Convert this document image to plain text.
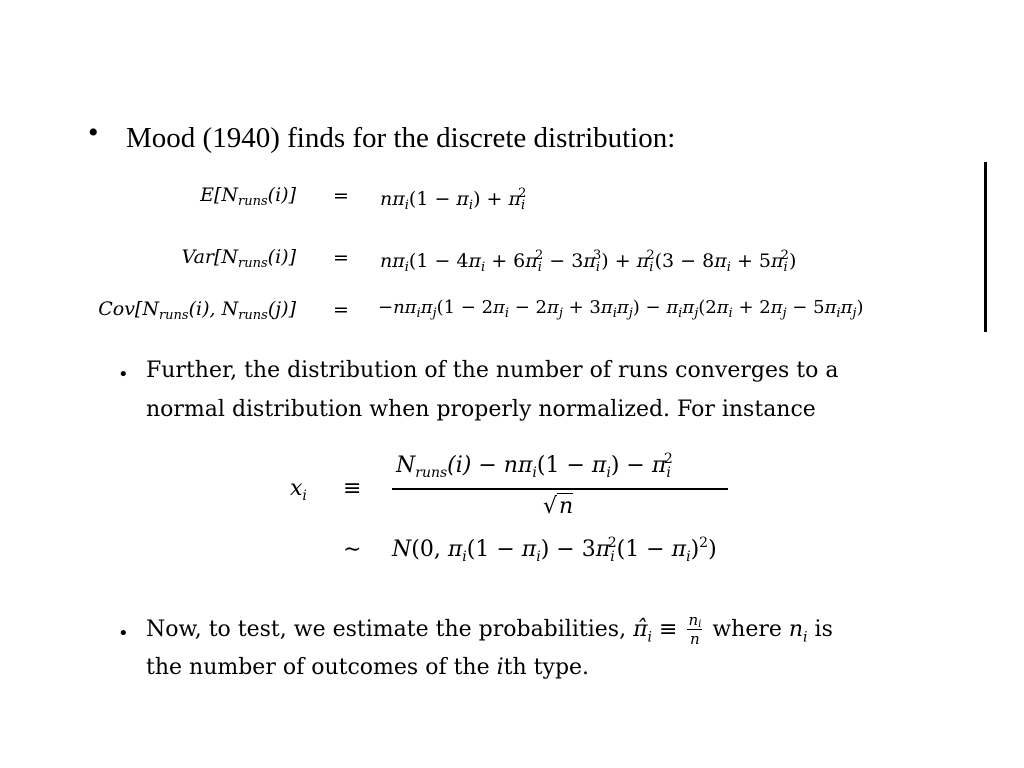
• Mood (1940) finds for the discrete distribution:
$E[N_{runs}(i)] = n\pi_i(1 - \pi_i) + \pi_i^2$
$Var[N_{runs}(i)] = n\pi_i(1 - 4\pi_i + 6\pi_i^2 - 3\pi_i^3) + \pi_i^2(3 - 8\pi_i + 5\pi_i^2)$
$Cov[N_{runs}(i)$, $N_{runs}(j)] = -n\pi_i\pi_j(1 - 2\pi_i - 2\pi_j + 3\pi_i\pi_j) - \pi_i\pi_j(2\pi_i + 2\pi_j - 5\pi_i\pi_j)$
• Further, the distribution of the number of runs converges to a
normal distribution when properly normalized. For instance
$x_i$ ≡
$N_{runs}(i) - n\pi_i(1 - \pi_i) - \pi_i^2$
√n
∼ N(0, $\pi_i(1 - \pi_i) - 3\pi_i^2(1 - \pi_i)^2$)
• Now, to test, we estimate the probabilities, $\pî_i \equiv n_i$
n where $n_i$ is
the number of outcomes of the ith type.
